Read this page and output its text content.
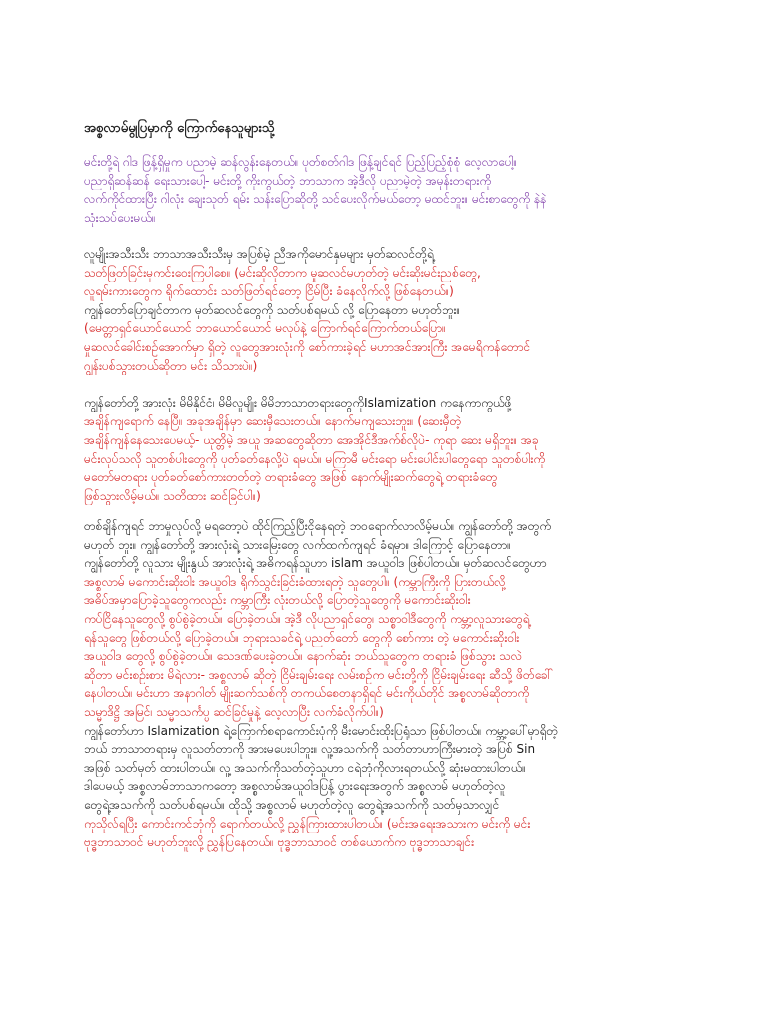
အစ္စလာမ်မွုပြမှာကို ကြောက်နေသူများသို့
မင်းတို့ရဲ ဂါဒ ဖြန့်ရှိမှုက ပညာမဲ့ ဆန်လွန်းနေတယ်။ ပုတ်စတ်ဂါဒ ဖြန့်ချင်ရင် ပြည့်ပြည့်စုံစုံ လေ့လာပေါ့။
ပညာရှိဆန်ဆန် ရေးသားပေါ့- မင်းတို့ ကိုးကွယ်တဲ့ ဘာသာက အဲ့ဒီလို ပညာမဲ့တဲ့ အမုန်းတရားကို
လက်ကိုင်ထားပြီး ဂါလုံး ချေးသုတ် ရမ်း သန်းပြောဆိုတို့ သင်ပေးလိုက်မယ်တော့ မထင်ဘူး။ မင်းစာတွေကို နဲနဲ
သုံးသပ်ပေးမယ်။
လူမျိုးအသီးသီး ဘာသာအသီးသီးမှ အပြစ်မဲ့ ညီအကိုမောင်နှမများ မှတ်ဆလင်တို့ရဲ့
သတ်ဖြတ်ခြင်းမှကင်းဝေးကြပါစေ။ (မင်းဆိုလိုတာက မှုဆလင်မဟုတ်တဲ့ မင်းဆိုးမင်းညစ်တွေ,
လူရမ်းကားတွေက ရိုက်ထောင်း သတ်ဖြတ်ရင်တော့ ငြိမ်ပြီး ခံနေလိုက်လို့ ဖြစ်နေတယ်။)
ကျွန်တော်ပြောချင်တာက မှတ်ဆလင်တွေကို သတ်ပစ်ရမယ် လို့ ပြောနေတာ မဟုတ်ဘူး။
(မေတ္တာရှင်ယောင်ယောင် ဘာယောင်ယောင် မလုပ်နဲ့ ကြောက်ရင်ကြောက်တယ်ပြော။
မှုဆလင်ခေါင်းစဉ်အောက်မှာ ရှိတဲ့ လူတွေအားလုံးကို စော်ကားခဲ့ရင် မဟာအင်အားကြီး အမေရိကန်တောင်
ဂျွန်းပစ်သွားတယ်ဆိုတာ မင်း သိသားပဲ။)

ကျွန်တော်တို့ အားလုံး မိမိနိုင်ငံ၊ မိမိလူမျိုး မိမိဘာသာတရားတွေကိုIslamization ကနေကာကွယ်ဖို့
အချိန်ကျရောက် နေပြီ။ အခုအချိန်မှာ ဆေးမှီသေးတယ်။ နောက်မကျသေးဘူး။ (ဆေးမှီတဲ့
အချိန်ကျန်နေသေးပေမယ့်- ယုတ္တိမဲ့ အယူ အဆတွေဆိုတာ အေအိုင်ဒီအက်စ်လိုပဲ- ကုရာ ဆေး မရှိဘူး။ အခု
မင်းလုပ်သလို သူတစ်ပါးတွေကို ပုတ်ခတ်နေလို့ပဲ ရမယ်။ မကြာမီ မင်းရော မင်းပေါင်းပါတွေရော သူတစ်ပါးကို
မတော်မတရား ပုတ်ခတ်စော်ကားတတ်တဲ့ တရားခံတွေ အဖြစ် နောက်မျိုးဆက်တွေရဲ့ တရားခံတွေ
ဖြစ်သွားလိမ့်မယ်။ သတိထား ဆင်ခြင်ပါ။)
တစ်ချိန်ကျရင် ဘာမှုလုပ်လို့ မရတော့ပဲ ထိုင်ကြည့်ပြီးငိုနေရတဲ့ ဘဝရောက်လာလိမ့်မယ်။ ကျွန်တော်တို့ အတွက်
မဟုတ် ဘူး။ ကျွန်တော်တို့ အားလုံးရဲ့ သားမြေးတွေ လက်ထက်ကျရင် ခံရမှာ။ ဒါကြောင့် ပြောနေတာ။
ကျွန်တော်တို့ လူသား မျိုးနွယ် အားလုံးရဲ့ အဓိကရန်သူဟာ islam အယူဝါဒ ဖြစ်ပါတယ်။ မှတ်ဆလင်တွေဟာ
အစ္စလာမ် မကောင်းဆိုးဝါး အယူဝါဒ ရိုက်သွင်းခြင်းခံထားရတဲ့ သူတွေပါ။ (ကမ္ဘာကြီးကို ပြားတယ်လို့
အဓိပ်အမှာပြောခဲ့သူတွေကလည်း ကမ္ဘာကြီး လုံးတယ်လို့ ပြောတဲ့သူတွေကို မကောင်းဆိုးဝါး
ကပ်ငြိနေသူတွေလို့ စွပ်စွဲခဲ့တယ်။ ပြောခဲ့တယ်။ အဲ့ဒီ လိုပညာရှင်တွေ၊ သစ္စာဝါဒီတွေကို ကမ္ဘာ့လူသားတွေရဲ့
ရန်သူတွေ ဖြစ်တယ်လို့ ပြောခဲ့တယ်။ ဘုရားသခင်ရဲ့ ပညတ်တော် တွေကို စော်ကား တဲ့ မကောင်းဆိုးဝါး
အယူဝါဒ တွေလို့ စွပ်စွဲခဲ့တယ်။ သေဒဏ်ပေးခဲ့တယ်။ နောက်ဆုံး ဘယ်သူတွေက တရားခံ ဖြစ်သွား သလဲ
ဆိုတာ မင်းစဉ်းစား မိရဲလား- အစ္စလာမ် ဆိုတဲ့ ငြိမ်းချမ်းရေး လမ်းစဉ်က မင်းတို့ကို ငြိမ်းချမ်းရေး ဆီသို့ ဖိတ်ခေါ်
နေပါတယ်။ မင်းဟာ အနာဂါတ် မျိုးဆက်သစ်ကို တကယ်စေတနာရှိရင် မင်းကိုယ်တိုင် အစ္စလာမ်ဆိုတာကို
သမ္မာဒိဋ္ဌိ အမြင်၊ သမ္မာသင်္ကပ္ပ ဆင်ခြင်မှုနဲ့ လေ့လာပြီး လက်ခံလိုက်ပါ။)
ကျွန်တော်ဟာ Islamization ရဲ့ကြောက်စရာကောင်းပုံကို မီးမောင်းထိုးပြရုံသာ ဖြစ်ပါတယ်။ ကမ္ဘာ့ပေါ်မှာရှိတဲ့
ဘယ် ဘာသာတရားမှ လူသတ်တာကို အားမပေးပါဘူး။ လူ့အသက်ကို သတ်တာဟာကြီးမားတဲ့ အပြစ် Sin
အဖြစ် သတ်မှတ် ထားပါတယ်။ လူ့ အသက်ကိုသတ်တဲ့သူဟာ ငရဲဘုံကိုလားရတယ်လို့ ဆုံးမထားပါတယ်။
ဒါပေမယ့် အစ္စလာမ်ဘာသာကတော့ အစ္စလာမ်အယူဝါဒပြန့် ပွားရေးအတွက် အစ္စလာမ် မဟုတ်တဲ့လူ
တွေရဲ့အသက်ကို သတ်ပစ်ရမယ်။ ထိုသို့ အစ္စလာမ် မဟုတ်တဲ့လူ တွေရဲ့အသက်ကို သတ်မှသာလျှင်
ကုသိုလ်ရပြီး ကောင်းကင်ဘုံကို ရောက်တယ်လို့ ညွှန်ကြားထားပါတယ်။ (မင်းအရေးအသားက မင်းကို မင်း
ဗုဒ္ဓဘာသာဝင် မဟုတ်ဘူးလို့ ညွှန်ပြနေတယ်။ ဗုဒ္ဓဘာသာဝင် တစ်ယောက်က ဗုဒ္ဓဘာသာချင်း
